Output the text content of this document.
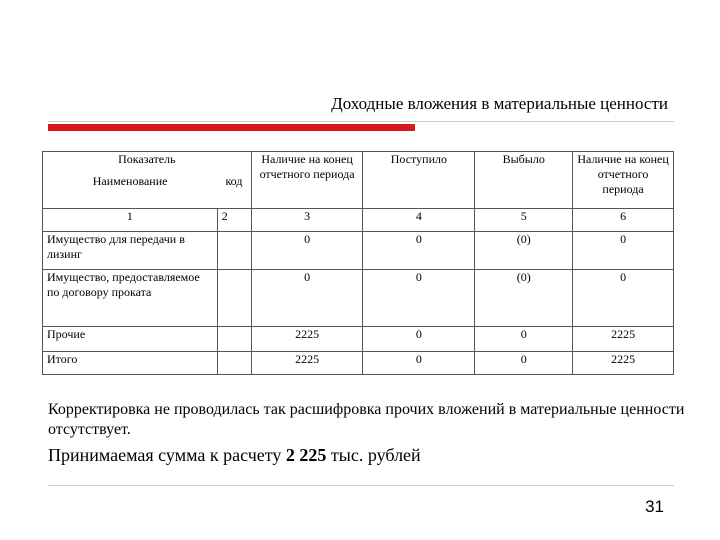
Доходные вложения в материальные ценности
Показатель		Наличие на конец отчетного периода	Поступило	Выбыло	Наличие на конец отчетного периода
Наименование	код				
1	2	3	4	5	6
Имущество для передачи в лизинг		0	0	(0)	0
Имущество, предоставляемое по договору проката		0	0	(0)	0
Прочие		2225	0	0	2225
Итого		2225	0	0	2225
Корректировка не проводилась так расшифровка прочих вложений в материальные ценности отсутствует.
Принимаемая сумма к расчету 2 225 тыс. рублей
31
